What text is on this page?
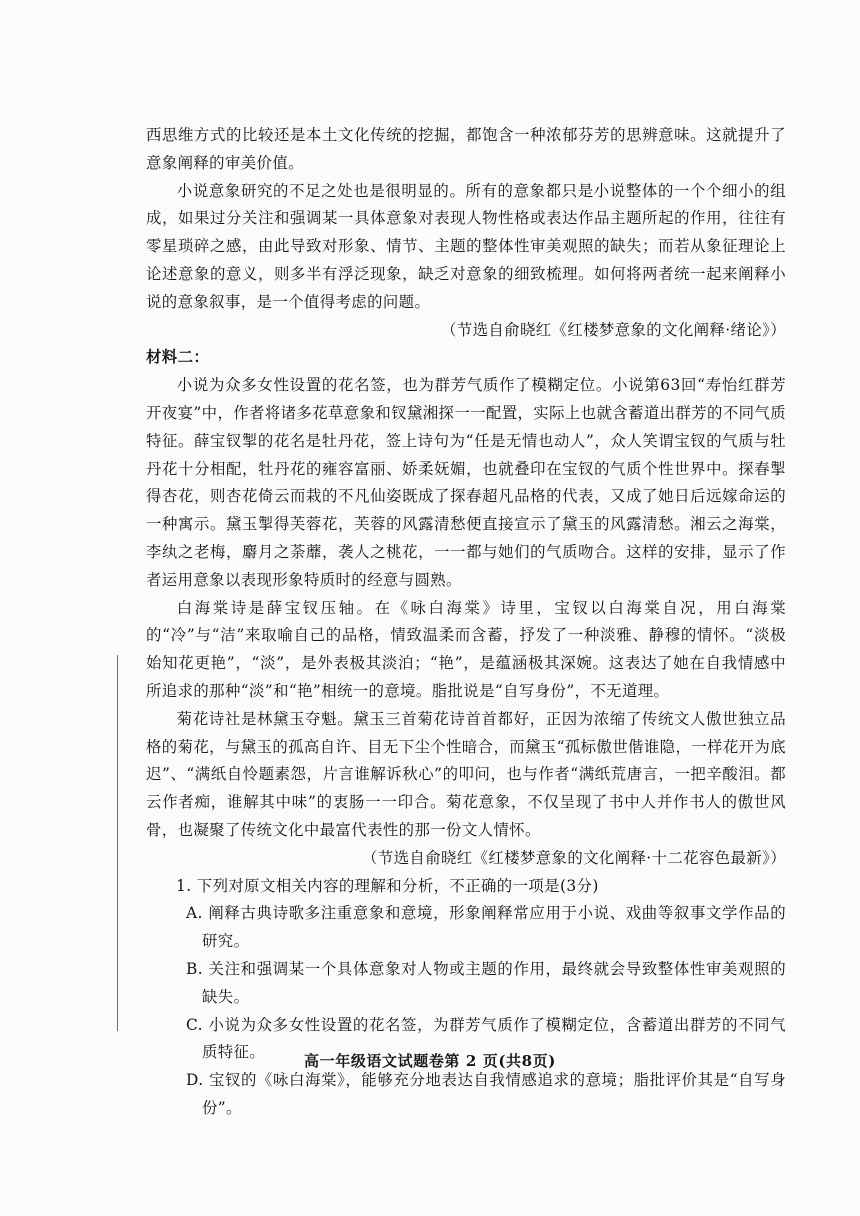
西思维方式的比较还是本土文化传统的挖掘，都饱含一种浓郁芬芳的思辨意味。这就提升了意象阐释的审美价值。

小说意象研究的不足之处也是很明显的。所有的意象都只是小说整体的一个个细小的组成，如果过分关注和强调某一具体意象对表现人物性格或表达作品主题所起的作用，往往有零星琐碎之感，由此导致对形象、情节、主题的整体性审美观照的缺失；而若从象征理论上论述意象的意义，则多半有浮泛现象，缺乏对意象的细致梳理。如何将两者统一起来阐释小说的意象叙事，是一个值得考虑的问题。

（节选自俞晓红《红楼梦意象的文化阐释·绪论》）

材料二：

小说为众多女性设置的花名签，也为群芳气质作了模糊定位。小说第63回“寿怡红群芳开夜宴”中，作者将诸多花草意象和钗黛湘探一一配置，实际上也就含蓄道出群芳的不同气质特征。薛宝钗掣的花名是牡丹花，签上诗句为“任是无情也动人”，众人笑谓宝钗的气质与牡丹花十分相配，牡丹花的雍容富丽、娇柔妩媚，也就叠印在宝钗的气质个性世界中。探春掣得杏花，则杏花倚云而栽的不凡仙姿既成了探春超凡品格的代表，又成了她日后远嫁命运的一种寓示。黛玉掣得芙蓉花，芙蓉的风露清愁便直接宣示了黛玉的风露清愁。湘云之海棠，李纨之老梅，麝月之荼蘼，袭人之桃花，一一都与她们的气质吻合。这样的安排，显示了作者运用意象以表现形象特质时的经意与圆熟。

白海棠诗是薛宝钗压轴。在《咏白海棠》诗里，宝钗以白海棠自况，用白海棠的“冷”与“洁”来取喻自己的品格，情致温柔而含蓄，抒发了一种淡雅、静穆的情怀。“淡极始知花更艳”，“淡”，是外表极其淡泊；“艳”，是蕴涵极其深婉。这表达了她在自我情感中所追求的那种“淡”和“艳”相统一的意境。脂批说是“自写身份”，不无道理。

菊花诗社是林黛玉夺魁。黛玉三首菊花诗首首都好，正因为浓缩了传统文人傲世独立品格的菊花，与黛玉的孤高自许、目无下尘个性暗合，而黛玉“孤标傲世偕谁隐，一样花开为底迟”、“满纸自怜题素怨，片言谁解诉秋心”的叩问，也与作者“满纸荒唐言，一把辛酸泪。都云作者痴，谁解其中味”的衷肠一一印合。菊花意象，不仅呈现了书中人并作书人的傲世风骨，也凝聚了传统文化中最富代表性的那一份文人情怀。

（节选自俞晓红《红楼梦意象的文化阐释·十二花容色最新》）

1. 下列对原文相关内容的理解和分析，不正确的一项是(3分)

A. 阐释古典诗歌多注重意象和意境，形象阐释常应用于小说、戏曲等叙事文学作品的研究。

B. 关注和强调某一个具体意象对人物或主题的作用，最终就会导致整体性审美观照的缺失。

C. 小说为众多女性设置的花名签，为群芳气质作了模糊定位，含蓄道出群芳的不同气质特征。

D. 宝钗的《咏白海棠》，能够充分地表达自我情感追求的意境；脂批评价其是“自写身份”。

高一年级语文试题卷第 2 页(共8页)
